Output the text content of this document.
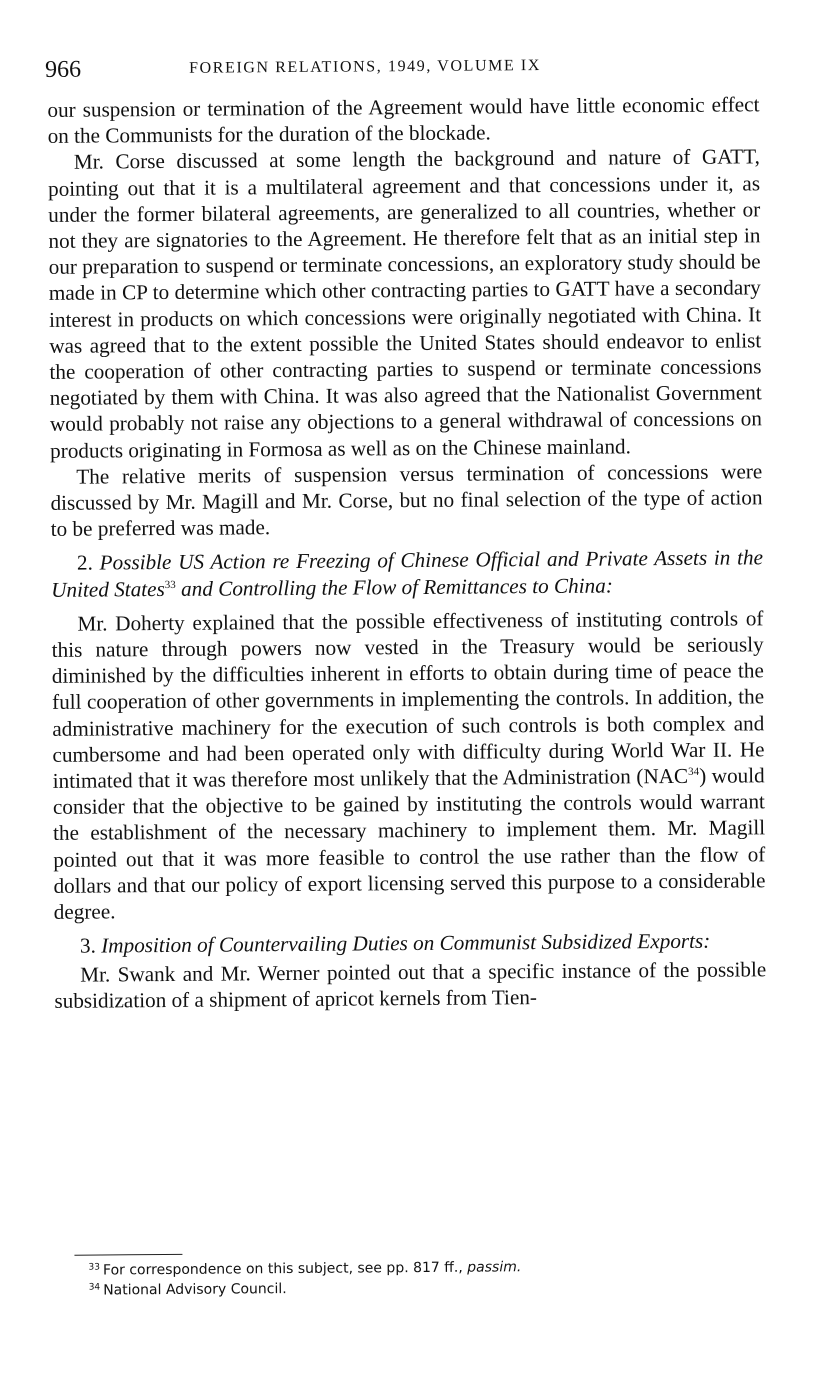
966	FOREIGN RELATIONS, 1949, VOLUME IX

our suspension or termination of the Agreement would have little economic effect on the Communists for the duration of the blockade.

Mr. Corse discussed at some length the background and nature of GATT, pointing out that it is a multilateral agreement and that concessions under it, as under the former bilateral agreements, are generalized to all countries, whether or not they are signatories to the Agreement. He therefore felt that as an initial step in our preparation to suspend or terminate concessions, an exploratory study should be made in CP to determine which other contracting parties to GATT have a secondary interest in products on which concessions were originally negotiated with China. It was agreed that to the extent possible the United States should endeavor to enlist the cooperation of other contracting parties to suspend or terminate concessions negotiated by them with China. It was also agreed that the Nationalist Government would probably not raise any objections to a general withdrawal of concessions on products originating in Formosa as well as on the Chinese mainland.

The relative merits of suspension versus termination of concessions were discussed by Mr. Magill and Mr. Corse, but no final selection of the type of action to be preferred was made.

2. Possible US Action re Freezing of Chinese Official and Private Assets in the United States$^{33}$ and Controlling the Flow of Remittances to China:

Mr. Doherty explained that the possible effectiveness of instituting controls of this nature through powers now vested in the Treasury would be seriously diminished by the difficulties inherent in efforts to obtain during time of peace the full cooperation of other governments in implementing the controls. In addition, the administrative machinery for the execution of such controls is both complex and cumbersome and had been operated only with difficulty during World War II. He intimated that it was therefore most unlikely that the Administration (NAC$^{34}$) would consider that the objective to be gained by instituting the controls would warrant the establishment of the necessary machinery to implement them. Mr. Magill pointed out that it was more feasible to control the use rather than the flow of dollars and that our policy of export licensing served this purpose to a considerable degree.

3. Imposition of Countervailing Duties on Communist Subsidized Exports:

Mr. Swank and Mr. Werner pointed out that a specific instance of the possible subsidization of a shipment of apricot kernels from Tien-

$^{33}$ For correspondence on this subject, see pp. 817 ff., passim.
$^{34}$ National Advisory Council.
